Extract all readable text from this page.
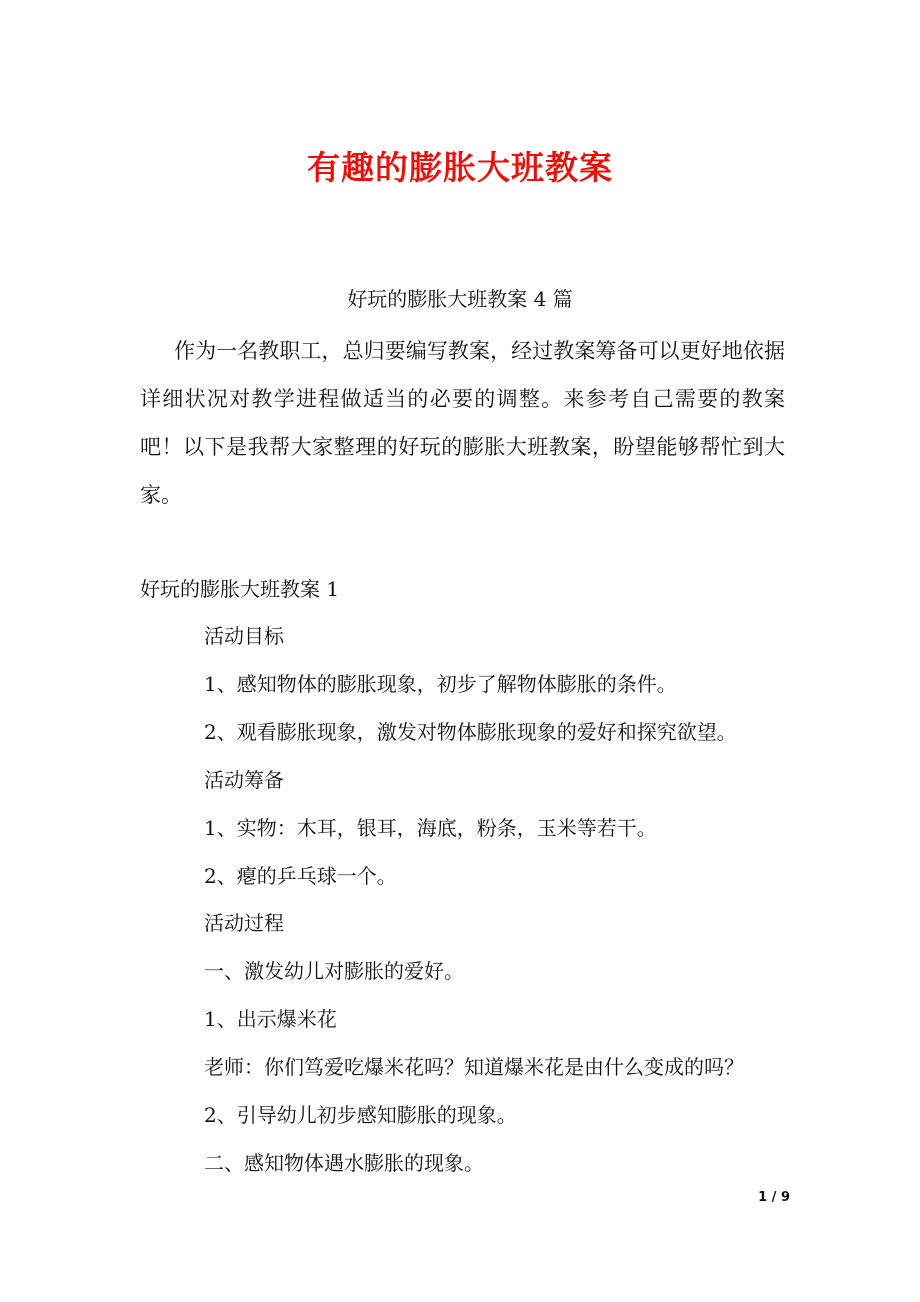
有趣的膨胀大班教案
好玩的膨胀大班教案 4 篇
作为一名教职工，总归要编写教案，经过教案筹备可以更好地依据详细状况对教学进程做适当的必要的调整。来参考自己需要的教案吧！以下是我帮大家整理的好玩的膨胀大班教案，盼望能够帮忙到大家。
好玩的膨胀大班教案 1
活动目标
1、感知物体的膨胀现象，初步了解物体膨胀的条件。
2、观看膨胀现象，激发对物体膨胀现象的爱好和探究欲望。
活动筹备
1、实物：木耳，银耳，海底，粉条，玉米等若干。
2、瘪的乒乓球一个。
活动过程
一、激发幼儿对膨胀的爱好。
1、出示爆米花
老师：你们笃爱吃爆米花吗？知道爆米花是由什么变成的吗？
2、引导幼儿初步感知膨胀的现象。
二、感知物体遇水膨胀的现象。
1 / 9
